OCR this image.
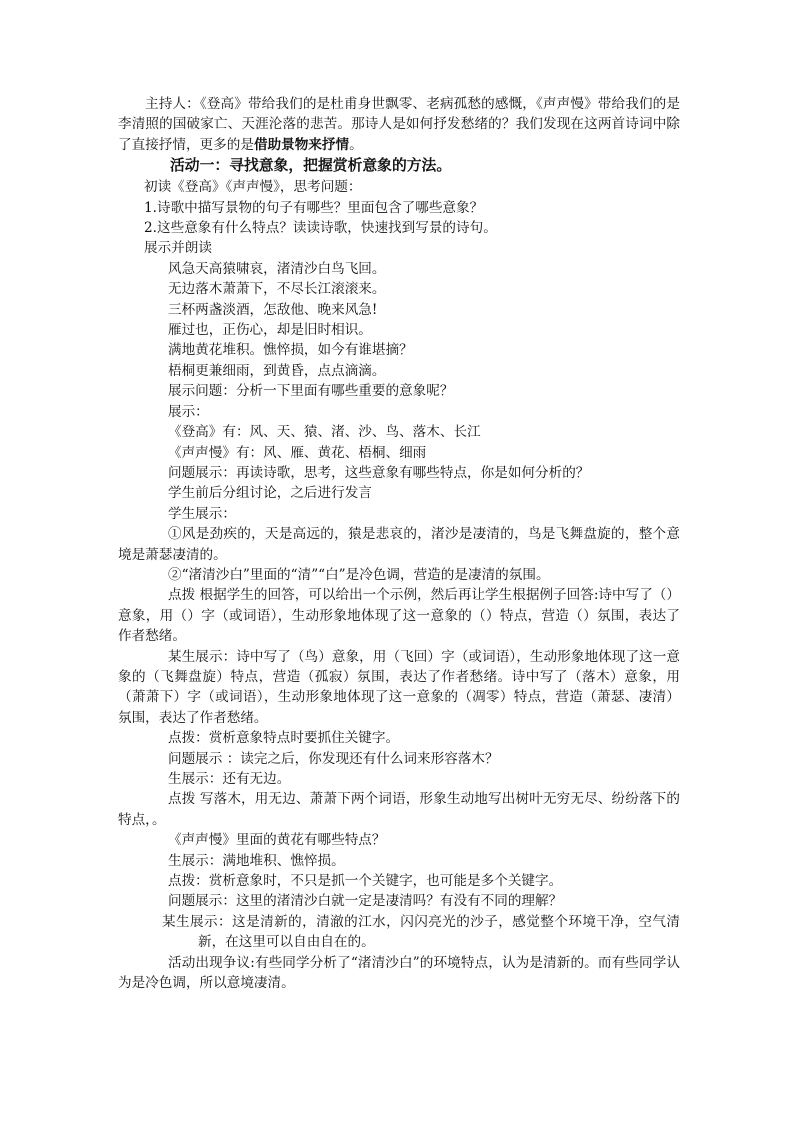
主持人：《登高》带给我们的是杜甫身世飘零、老病孤愁的感慨，《声声慢》带给我们的是李清照的国破家亡、天涯沦落的悲苦。那诗人是如何抒发愁绪的？我们发现在这两首诗词中除了直接抒情，更多的是借助景物来抒情。

活动一：寻找意象，把握赏析意象的方法。

初读《登高》《声声慢》，思考问题：

1.诗歌中描写景物的句子有哪些？里面包含了哪些意象？

2.这些意象有什么特点？读读诗歌，快速找到写景的诗句。

展示并朗读

风急天高猿啸哀，渚清沙白鸟飞回。

无边落木萧萧下，不尽长江滚滚来。

三杯两盏淡酒，怎敌他、晚来风急!

雁过也，正伤心，却是旧时相识。

满地黄花堆积。憔悴损，如今有谁堪摘？

梧桐更兼细雨，到黄昏，点点滴滴。

展示问题：分析一下里面有哪些重要的意象呢？

展示：

《登高》有：风、天、猿、渚、沙、鸟、落木、长江

《声声慢》有：风、雁、黄花、梧桐、细雨

问题展示：再读诗歌，思考，这些意象有哪些特点，你是如何分析的？

学生前后分组讨论，之后进行发言

学生展示：

①风是劲疾的，天是高远的，猿是悲哀的，渚沙是凄清的，鸟是飞舞盘旋的，整个意境是萧瑟凄清的。

②“渚清沙白”里面的“清”“白”是冷色调，营造的是凄清的氛围。

点拨 根据学生的回答，可以给出一个示例，然后再让学生根据例子回答:诗中写了（）意象，用（）字（或词语），生动形象地体现了这一意象的（）特点，营造（）氛围，表达了作者愁绪。

某生展示：诗中写了（鸟）意象，用（飞回）字（或词语），生动形象地体现了这一意象的（飞舞盘旋）特点，营造（孤寂）氛围，表达了作者愁绪。诗中写了（落木）意象，用（萧萧下）字（或词语），生动形象地体现了这一意象的（凋零）特点，营造（萧瑟、凄清）氛围，表达了作者愁绪。

点拨：赏析意象特点时要抓住关键字。

问题展示 ：读完之后，你发现还有什么词来形容落木？

生展示：还有无边。

点拨 写落木，用无边、萧萧下两个词语，形象生动地写出树叶无穷无尽、纷纷落下的特点，。

《声声慢》里面的黄花有哪些特点？

生展示：满地堆积、憔悴损。

点拨：赏析意象时，不只是抓一个关键字，也可能是多个关键字。

问题展示：这里的渚清沙白就一定是凄清吗？有没有不同的理解？

某生展示：这是清新的，清澈的江水，闪闪亮光的沙子，感觉整个环境干净，空气清新，在这里可以自由自在的。

活动出现争议:有些同学分析了“渚清沙白”的环境特点，认为是清新的。而有些同学认为是冷色调，所以意境凄清。
